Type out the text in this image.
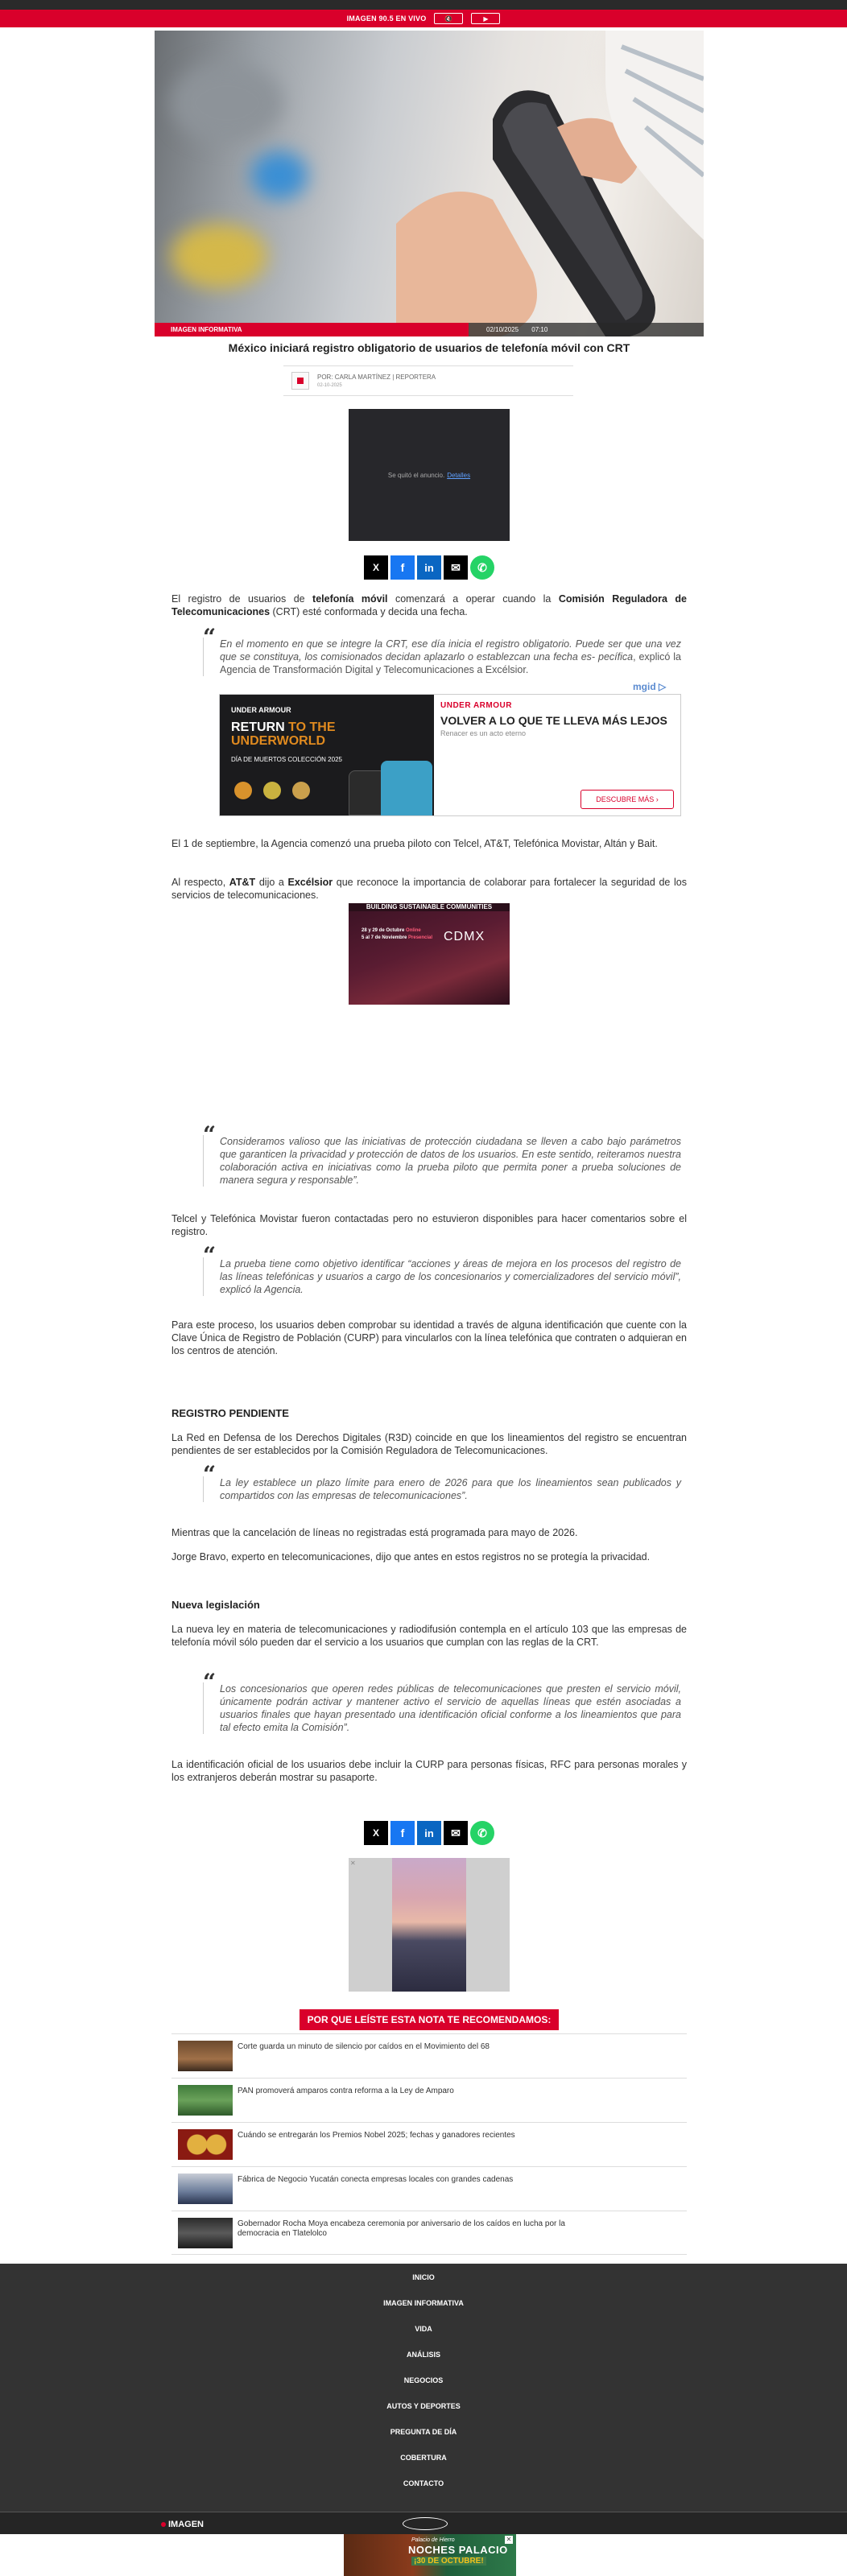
IMAGEN 90.5 EN VIVO	🔇	▶
IMAGEN INFORMATIVA	02/10/2025 07:10
México iniciará registro obligatorio de usuarios de telefonía móvil con CRT
POR: CARLA MARTÍNEZ | REPORTERA
02-10-2025
Se quitó el anuncio. Detalles
X	f	in	✉	✆

El registro de usuarios de telefonía móvil comenzará a operar cuando la Comisión Reguladora de Telecomunicaciones (CRT) esté conformada y decida una fecha.

“ En el momento en que se integre la CRT, ese día inicia el registro obligatorio. Puede ser que una vez que se constituya, los comisionados decidan aplazarlo o establezcan una fecha es- pecífica, explicó la Agencia de Transformación Digital y Telecomunicaciones a Excélsior.

mgid ▷
UNDER ARMOUR
RETURN TO THE UNDERWORLD
DÍA DE MUERTOS COLECCIÓN 2025
UNDER ARMOUR
VOLVER A LO QUE TE LLEVA MÁS LEJOS
Renacer es un acto eterno
DESCUBRE MÁS ›

El 1 de septiembre, la Agencia comenzó una prueba piloto con Telcel, AT&T, Telefónica Movistar, Altán y Bait.

Al respecto, AT&T dijo a Excélsior que reconoce la importancia de colaborar para fortalecer la seguridad de los servicios de telecomunicaciones.

BUILDING SUSTAINABLE COMMUNITIES
28 y 29 de Octubre Online
5 al 7 de Noviembre Presencial CDMX
“ Consideramos valioso que las iniciativas de protección ciudadana se lleven a cabo bajo parámetros que garanticen la privacidad y protección de datos de los usuarios. En este sentido, reiteramos nuestra colaboración activa en iniciativas como la prueba piloto que permita poner a prueba soluciones de manera segura y responsable”.

Telcel y Telefónica Movistar fueron contactadas pero no estuvieron disponibles para hacer comentarios sobre el registro.

“ La prueba tiene como objetivo identificar “acciones y áreas de mejora en los procesos del registro de las líneas telefónicas y usuarios a cargo de los concesionarios y comercializadores del servicio móvil”, explicó la Agencia.

Para este proceso, los usuarios deben comprobar su identidad a través de alguna identificación que cuente con la Clave Única de Registro de Población (CURP) para vincularlos con la línea telefónica que contraten o adquieran en los centros de atención.

REGISTRO PENDIENTE

La Red en Defensa de los Derechos Digitales (R3D) coincide en que los lineamientos del registro se encuentran pendientes de ser establecidos por la Comisión Reguladora de Telecomunicaciones.

“ La ley establece un plazo límite para enero de 2026 para que los lineamientos sean publicados y compartidos con las empresas de telecomunicaciones”.

Mientras que la cancelación de líneas no registradas está programada para mayo de 2026.

Jorge Bravo, experto en telecomunicaciones, dijo que antes en estos registros no se protegía la privacidad.

Nueva legislación

La nueva ley en materia de telecomunicaciones y radiodifusión contempla en el artículo 103 que las empresas de telefonía móvil sólo pueden dar el servicio a los usuarios que cumplan con las reglas de la CRT.

“ Los concesionarios que operen redes públicas de telecomunicaciones que presten el servicio móvil, únicamente podrán activar y mantener activo el servicio de aquellas líneas que estén asociadas a usuarios finales que hayan presentado una identificación oficial conforme a los lineamientos que para tal efecto emita la Comisión”.

La identificación oficial de los usuarios debe incluir la CURP para personas físicas, RFC para personas morales y los extranjeros deberán mostrar su pasaporte.

X	f	in	✉	✆
✕
POR QUE LEÍSTE ESTA NOTA TE RECOMENDAMOS:
Corte guarda un minuto de silencio por caídos en el Movimiento del 68
PAN promoverá amparos contra reforma a la Ley de Amparo
Cuándo se entregarán los Premios Nobel 2025; fechas y ganadores recientes
Fábrica de Negocio Yucatán conecta empresas locales con grandes cadenas
Gobernador Rocha Moya encabeza ceremonia por aniversario de los caídos en lucha por la democracia en Tlatelolco
INICIO
IMAGEN INFORMATIVA
VIDA
ANÁLISIS
NEGOCIOS
AUTOS Y DEPORTES
PREGUNTA DE DÍA
COBERTURA
CONTACTO
IMAGEN
Palacio de Hierro
NOCHES PALACIO
¡30 DE OCTUBRE!
✕
